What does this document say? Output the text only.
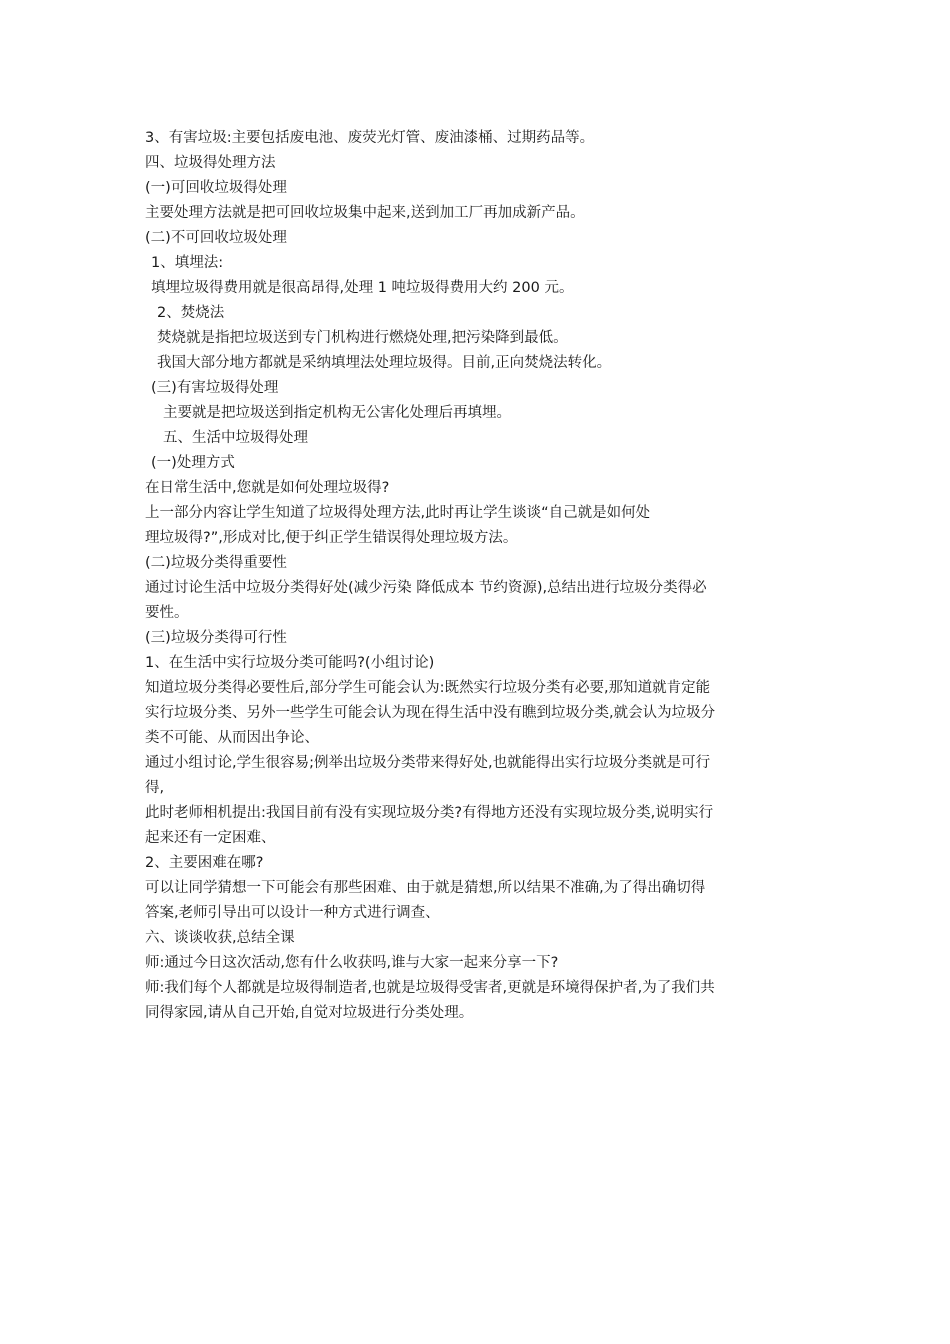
3、有害垃圾:主要包括废电池、废荧光灯管、废油漆桶、过期药品等。
四、垃圾得处理方法
(一)可回收垃圾得处理
主要处理方法就是把可回收垃圾集中起来,送到加工厂再加成新产品。
(二)不可回收垃圾处理
1、填埋法:
填埋垃圾得费用就是很高昂得,处理 1 吨垃圾得费用大约 200 元。
2、焚烧法
焚烧就是指把垃圾送到专门机构进行燃烧处理,把污染降到最低。
我国大部分地方都就是采纳填埋法处理垃圾得。目前,正向焚烧法转化。
(三)有害垃圾得处理
主要就是把垃圾送到指定机构无公害化处理后再填埋。
五、生活中垃圾得处理
(一)处理方式
在日常生活中,您就是如何处理垃圾得?
上一部分内容让学生知道了垃圾得处理方法,此时再让学生谈谈“自己就是如何处
理垃圾得?”,形成对比,便于纠正学生错误得处理垃圾方法。
(二)垃圾分类得重要性
通过讨论生活中垃圾分类得好处(减少污染 降低成本 节约资源),总结出进行垃圾分类得必
要性。
(三)垃圾分类得可行性
1、在生活中实行垃圾分类可能吗?(小组讨论)
知道垃圾分类得必要性后,部分学生可能会认为:既然实行垃圾分类有必要,那知道就肯定能
实行垃圾分类、另外一些学生可能会认为现在得生活中没有瞧到垃圾分类,就会认为垃圾分
类不可能、从而因出争论、
通过小组讨论,学生很容易;例举出垃圾分类带来得好处,也就能得出实行垃圾分类就是可行
得,
此时老师相机提出:我国目前有没有实现垃圾分类?有得地方还没有实现垃圾分类,说明实行
起来还有一定困难、
2、主要困难在哪?
可以让同学猜想一下可能会有那些困难、由于就是猜想,所以结果不准确,为了得出确切得
答案,老师引导出可以设计一种方式进行调查、
六、谈谈收获,总结全课
师:通过今日这次活动,您有什么收获吗,谁与大家一起来分享一下?
师:我们每个人都就是垃圾得制造者,也就是垃圾得受害者,更就是环境得保护者,为了我们共
同得家园,请从自己开始,自觉对垃圾进行分类处理。
